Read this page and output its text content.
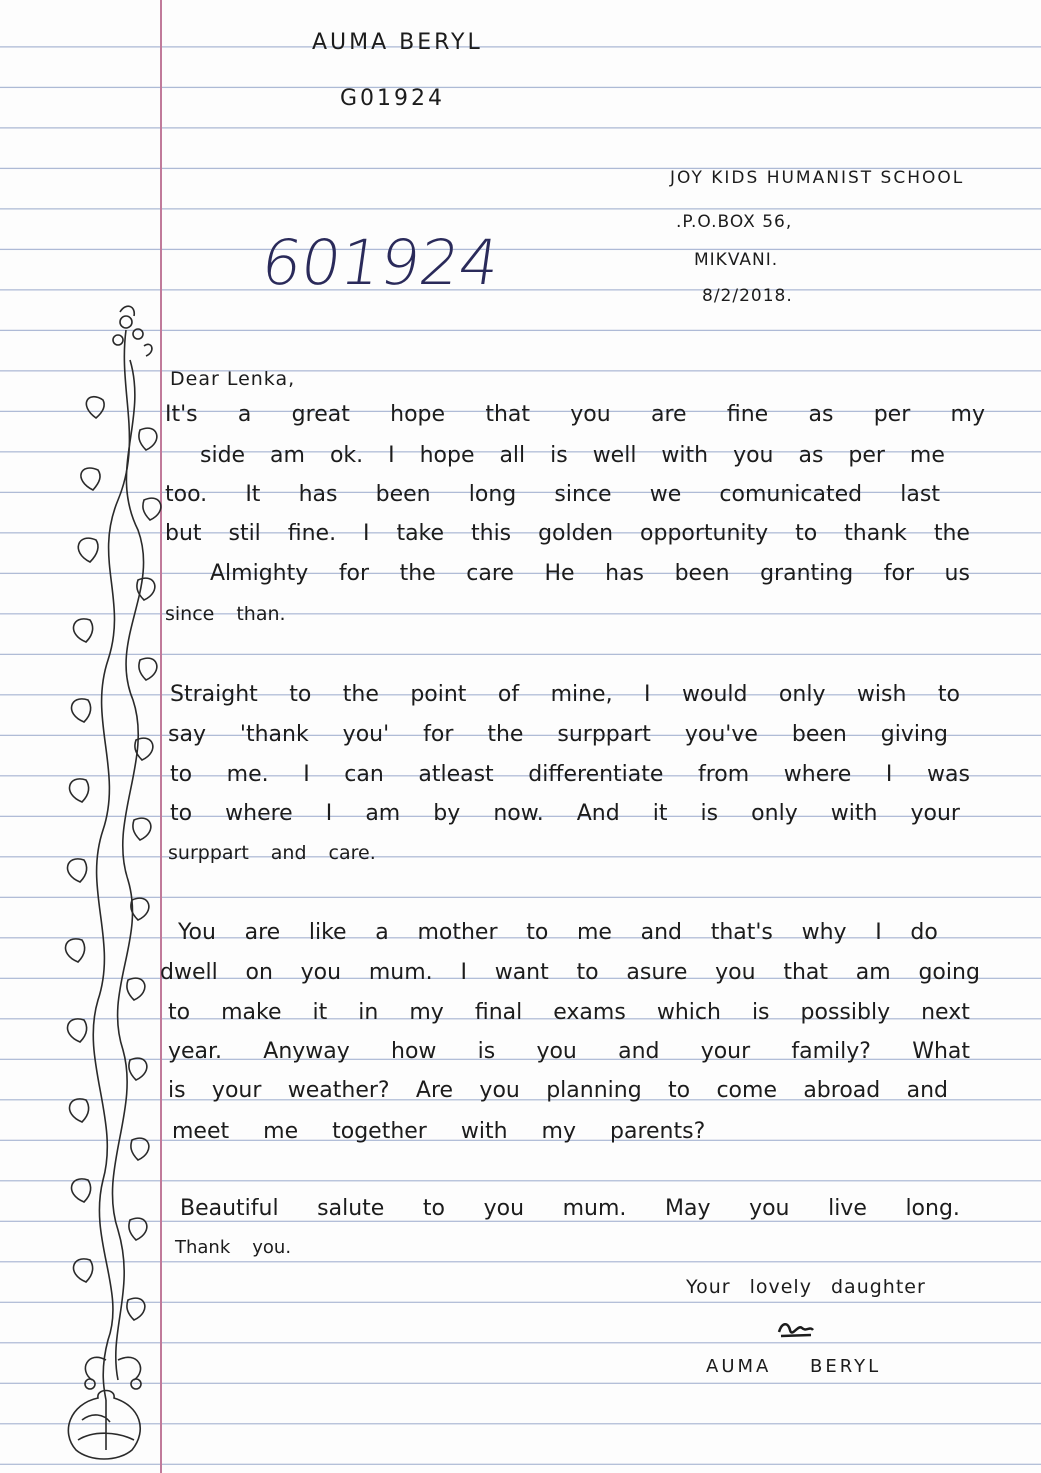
AUMA BERYL
G01924
JOY KIDS HUMANIST SCHOOL
.P.O.BOX 56,
MIKVANI.
8/2/2018.
601924
Dear Lenka,
It's a great hope that you are fine as per my
side am ok. I hope all is well with you as per me
too. It has been long since we comunicated last
but stil fine. I take this golden opportunity to thank the
Almighty for the care He has been granting for us
since than.
Straight to the point of mine, I would only wish to
say 'thank you' for the surppart you've been giving
to me. I can atleast differentiate from where I was
to where I am by now. And it is only with your
surppart and care.
You are like a mother to me and that's why I do
dwell on you mum. I want to asure you that am going
to make it in my final exams which is possibly next
year. Anyway how is you and your family? What
is your weather? Are you planning to come abroad and
meet me together with my parents?
Beautiful salute to you mum. May you live long.
Thank you.
Your lovely daughter
AUMA BERYL
